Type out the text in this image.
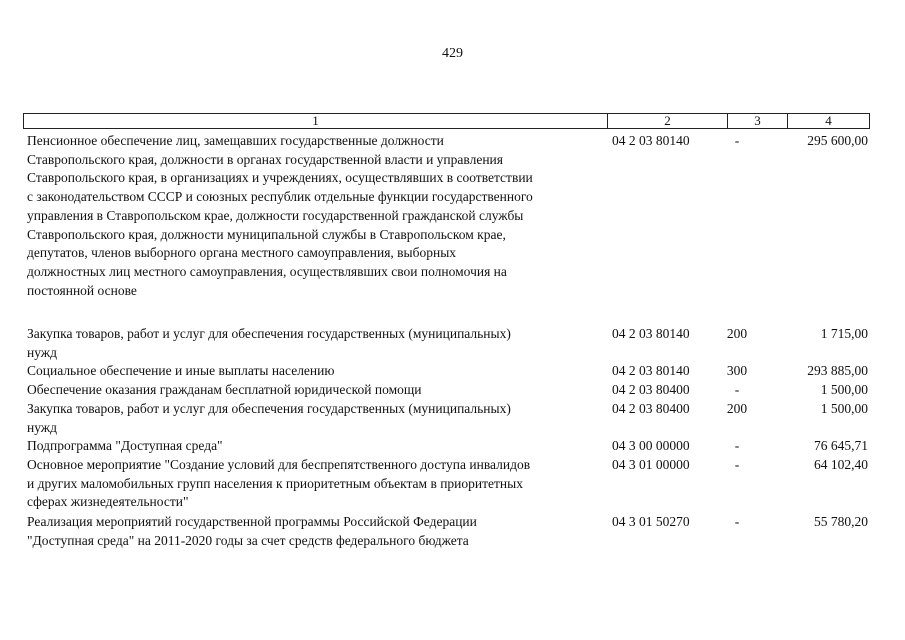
429
1	2	3	4
Пенсионное обеспечение лиц, замещавших государственные должности
Ставропольского края, должности в органах государственной власти и управления
Ставропольского края, в организациях и учреждениях, осуществлявших в соответствии
с законодательством СССР и союзных республик отдельные функции государственного
управления в Ставропольском крае, должности государственной гражданской службы
Ставропольского края, должности муниципальной службы в Ставропольском крае,
депутатов, членов выборного органа местного самоуправления, выборных
должностных лиц местного самоуправления, осуществлявших свои полномочия на
постоянной основе
04 2 03 80140	-	295 600,00
Закупка товаров, работ и услуг для обеспечения государственных (муниципальных)
нужд
04 2 03 80140	200	1 715,00
Социальное обеспечение и иные выплаты населению	04 2 03 80140	300	293 885,00
Обеспечение оказания гражданам бесплатной юридической помощи	04 2 03 80400	-	1 500,00
Закупка товаров, работ и услуг для обеспечения государственных (муниципальных)
нужд
04 2 03 80400	200	1 500,00
Подпрограмма "Доступная среда"	04 3 00 00000	-	76 645,71
Основное мероприятие "Создание условий для беспрепятственного доступа инвалидов
и других маломобильных групп населения к приоритетным объектам в приоритетных
сферах жизнедеятельности"
04 3 01 00000	-	64 102,40
Реализация мероприятий государственной программы Российской Федерации
"Доступная среда" на 2011-2020 годы за счет средств федерального бюджета
04 3 01 50270	-	55 780,20
